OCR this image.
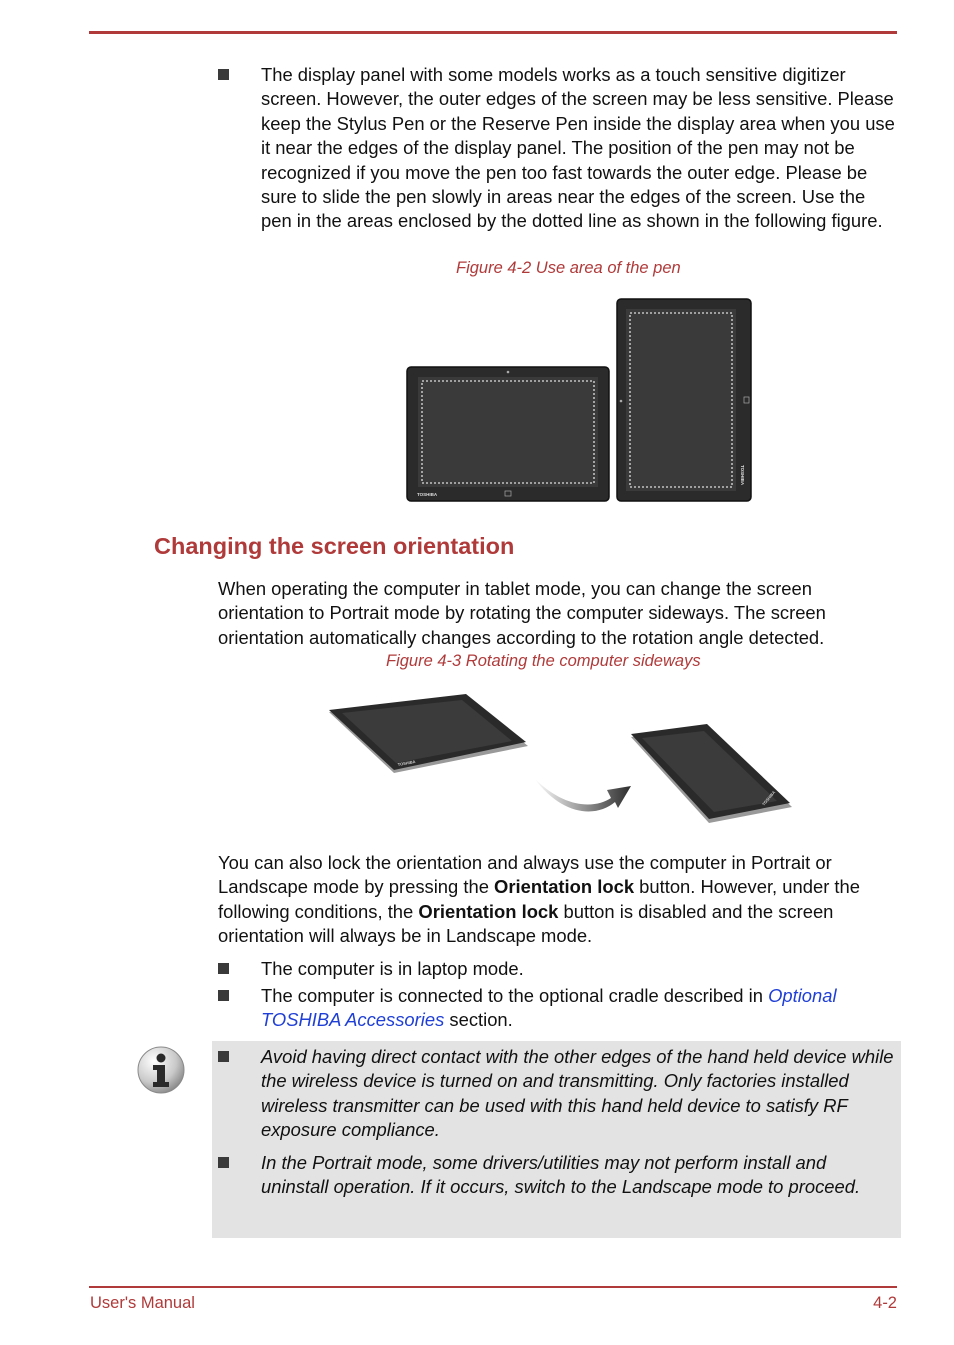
The display panel with some models works as a touch sensitive digitizer screen. However, the outer edges of the screen may be less sensitive. Please keep the Stylus Pen or the Reserve Pen inside the display area when you use it near the edges of the display panel. The position of the pen may not be recognized if you move the pen too fast towards the outer edge. Please be sure to slide the pen slowly in areas near the edges of the screen. Use the pen in the areas enclosed by the dotted line as shown in the following figure.
Figure 4-2 Use area of the pen
TOSHIBA
TOSHIBA
Changing the screen orientation
When operating the computer in tablet mode, you can change the screen orientation to Portrait mode by rotating the computer sideways. The screen orientation automatically changes according to the rotation angle detected.
Figure 4-3 Rotating the computer sideways
TOSHIBA
TOSHIBA
You can also lock the orientation and always use the computer in Portrait or Landscape mode by pressing the Orientation lock button. However, under the following conditions, the Orientation lock button is disabled and the screen orientation will always be in Landscape mode.
The computer is in laptop mode.
The computer is connected to the optional cradle described in Optional TOSHIBA Accessories section.
Avoid having direct contact with the other edges of the hand held device while the wireless device is turned on and transmitting. Only factories installed wireless transmitter can be used with this hand held device to satisfy RF exposure compliance.
In the Portrait mode, some drivers/utilities may not perform install and uninstall operation. If it occurs, switch to the Landscape mode to proceed.
User's Manual	4-2
